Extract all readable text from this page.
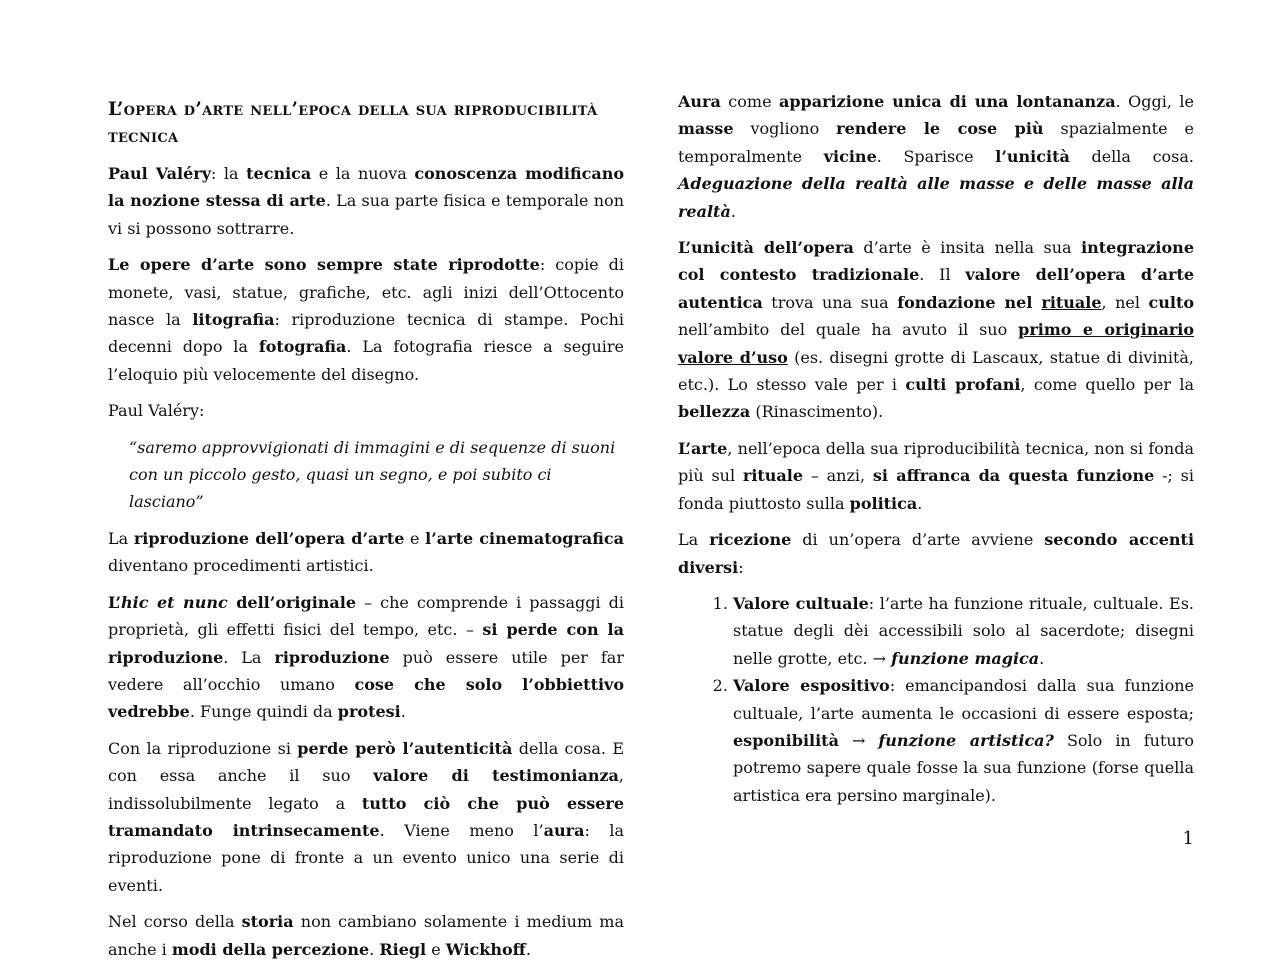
L’opera d’arte nell’epoca della sua riproducibilità tecnica

Paul Valéry: la tecnica e la nuova conoscenza modificano la nozione stessa di arte. La sua parte fisica e temporale non vi si possono sottrarre.

Le opere d’arte sono sempre state riprodotte: copie di monete, vasi, statue, grafiche, etc. agli inizi dell’Ottocento nasce la litografia: riproduzione tecnica di stampe. Pochi decenni dopo la fotografia. La fotografia riesce a seguire l’eloquio più velocemente del disegno.

Paul Valéry:

“saremo approvvigionati di immagini e di sequenze di suoni con un piccolo gesto, quasi un segno, e poi subito ci lasciano”

La riproduzione dell’opera d’arte e l’arte cinematografica diventano procedimenti artistici.

L’hic et nunc dell’originale – che comprende i passaggi di proprietà, gli effetti fisici del tempo, etc. – si perde con la riproduzione. La riproduzione può essere utile per far vedere all’occhio umano cose che solo l’obbiettivo vedrebbe. Funge quindi da protesi.

Con la riproduzione si perde però l’autenticità della cosa. E con essa anche il suo valore di testimonianza, indissolubilmente legato a tutto ciò che può essere tramandato intrinsecamente. Viene meno l’aura: la riproduzione pone di fronte a un evento unico una serie di eventi.

Nel corso della storia non cambiano solamente i medium ma anche i modi della percezione. Riegl e Wickhoff.

Aura come apparizione unica di una lontananza. Oggi, le masse vogliono rendere le cose più spazialmente e temporalmente vicine. Sparisce l’unicità della cosa. Adeguazione della realtà alle masse e delle masse alla realtà.

L’unicità dell’opera d’arte è insita nella sua integrazione col contesto tradizionale. Il valore dell’opera d’arte autentica trova una sua fondazione nel rituale, nel culto nell’ambito del quale ha avuto il suo primo e originario valore d’uso (es. disegni grotte di Lascaux, statue di divinità, etc.). Lo stesso vale per i culti profani, come quello per la bellezza (Rinascimento).

L’arte, nell’epoca della sua riproducibilità tecnica, non si fonda più sul rituale – anzi, si affranca da questa funzione -; si fonda piuttosto sulla politica.

La ricezione di un’opera d’arte avviene secondo accenti diversi:

1. Valore cultuale: l’arte ha funzione rituale, cultuale. Es. statue degli dèi accessibili solo al sacerdote; disegni nelle grotte, etc. → funzione magica.
2. Valore espositivo: emancipandosi dalla sua funzione cultuale, l’arte aumenta le occasioni di essere esposta; esponibilità → funzione artistica? Solo in futuro potremo sapere quale fosse la sua funzione (forse quella artistica era persino marginale).
1
